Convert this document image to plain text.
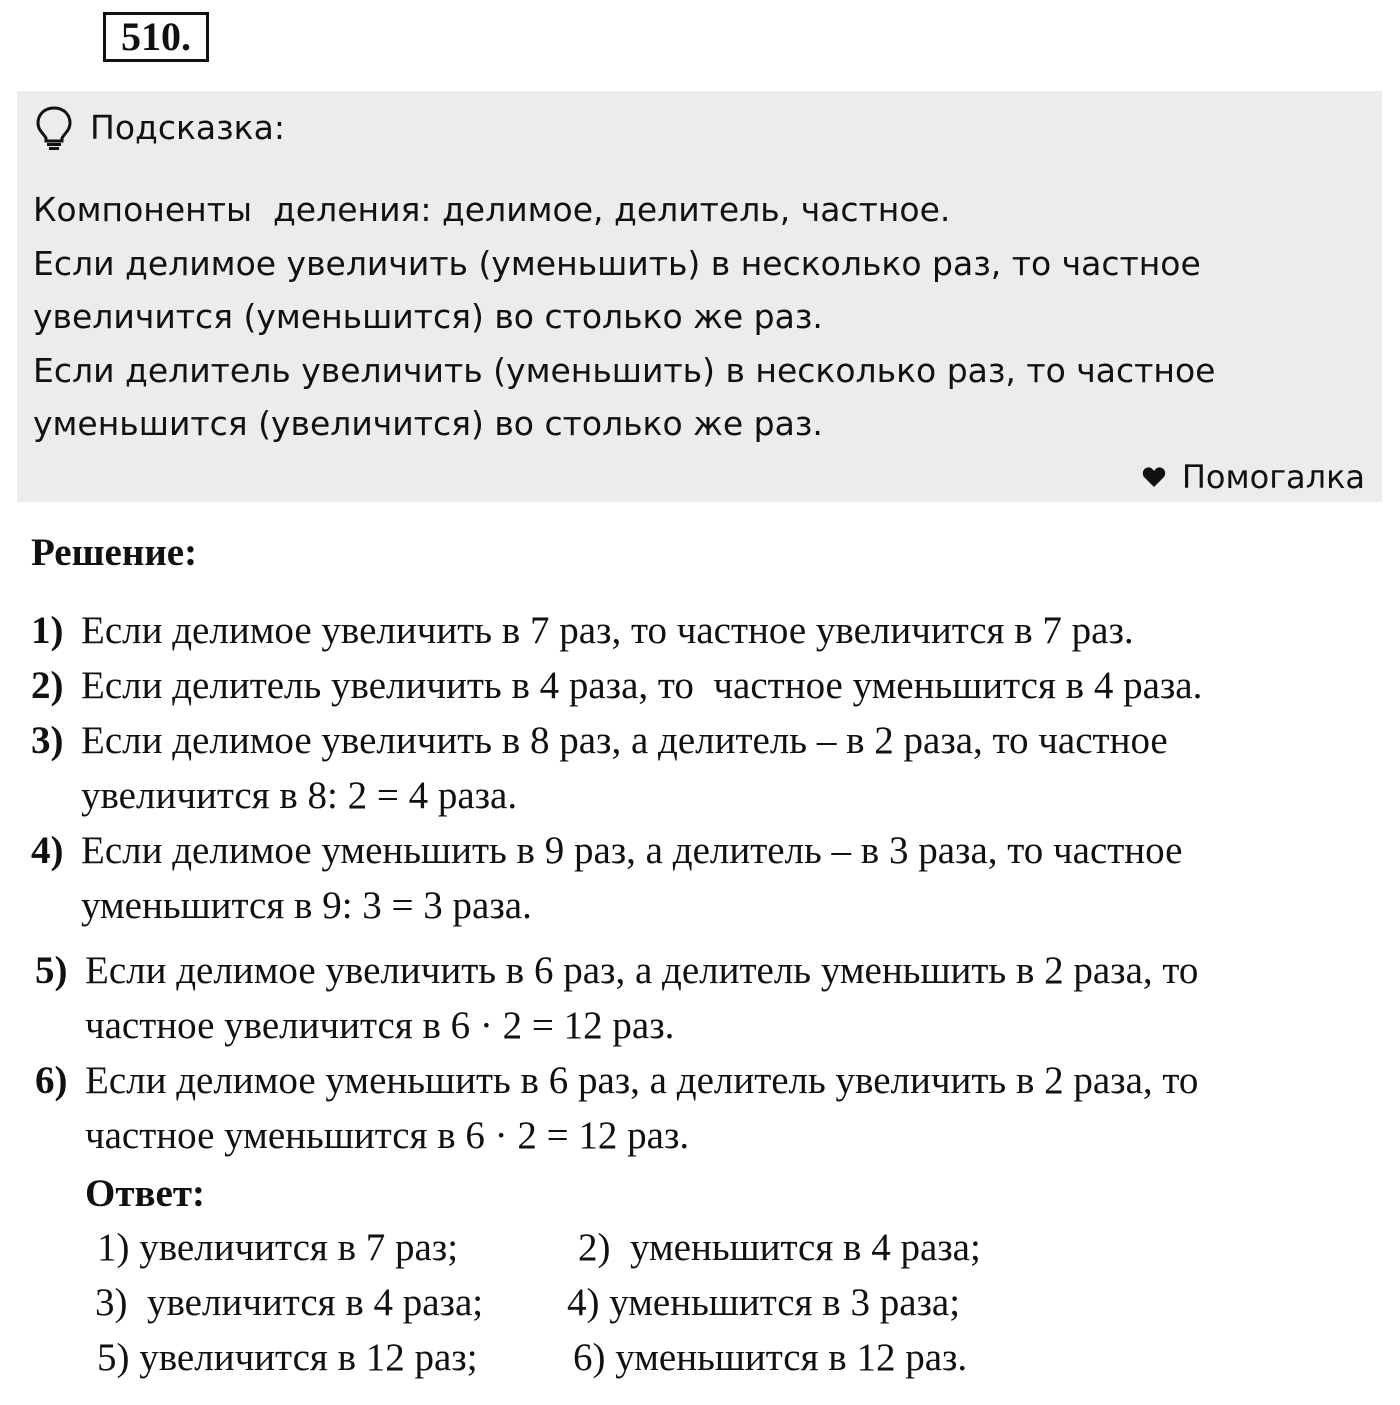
510.
Подсказка:
Компоненты  деления: делимое, делитель, частное.
Если делимое увеличить (уменьшить) в несколько раз, то частное
увеличится (уменьшится) во столько же раз.
Если делитель увеличить (уменьшить) в несколько раз, то частное
уменьшится (увеличится) во столько же раз.
Помогалка
Решение:
1) Если делимое увеличить в 7 раз, то частное увеличится в 7 раз.
2) Если делитель увеличить в 4 раза, то  частное уменьшится в 4 раза.
3) Если делимое увеличить в 8 раз, а делитель – в 2 раза, то частное
увеличится в 8: 2 = 4 раза.
4) Если делимое уменьшить в 9 раз, а делитель – в 3 раза, то частное
уменьшится в 9: 3 = 3 раза.
5) Если делимое увеличить в 6 раз, а делитель уменьшить в 2 раза, то
частное увеличится в 6 · 2 = 12 раз.
6) Если делимое уменьшить в 6 раз, а делитель увеличить в 2 раза, то
частное уменьшится в 6 · 2 = 12 раз.
Ответ:
1) увеличится в 7 раз;	2)  уменьшится в 4 раза;
3)  увеличится в 4 раза; 4) уменьшится в 3 раза;
5) увеличится в 12 раз; 6) уменьшится в 12 раз.
